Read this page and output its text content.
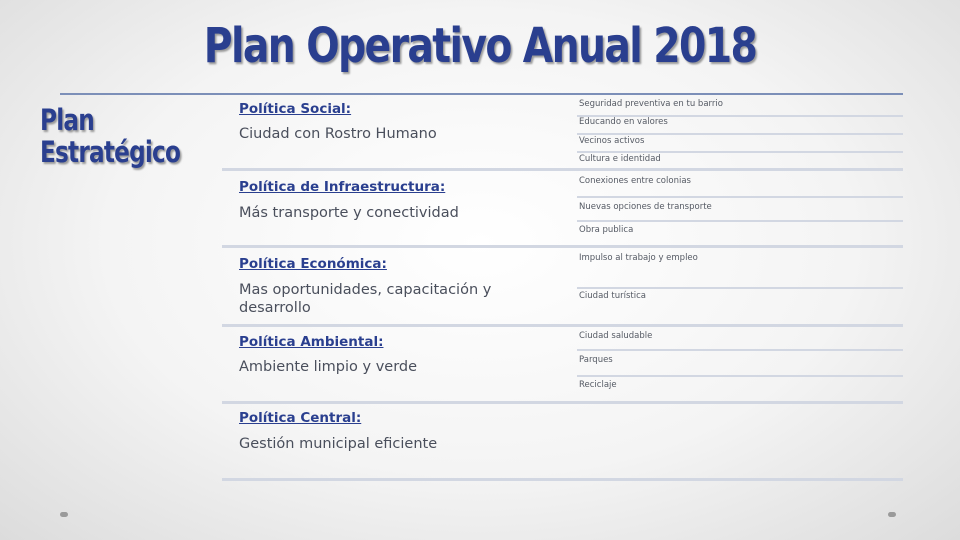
Plan Operativo Anual 2018
Plan
Estratégico
Política Social:
Ciudad con Rostro Humano
Seguridad preventiva en tu barrio
Educando en valores
Vecinos activos
Cultura e identidad
Política de Infraestructura:
Más transporte y conectividad
Conexiones entre colonias
Nuevas opciones de transporte
Obra publica
Política Económica:
Mas oportunidades, capacitación y desarrollo
Impulso al trabajo y empleo
Ciudad turística
Política Ambiental:
Ambiente limpio y verde
Ciudad saludable
Parques
Reciclaje
Política Central:
Gestión municipal eficiente
